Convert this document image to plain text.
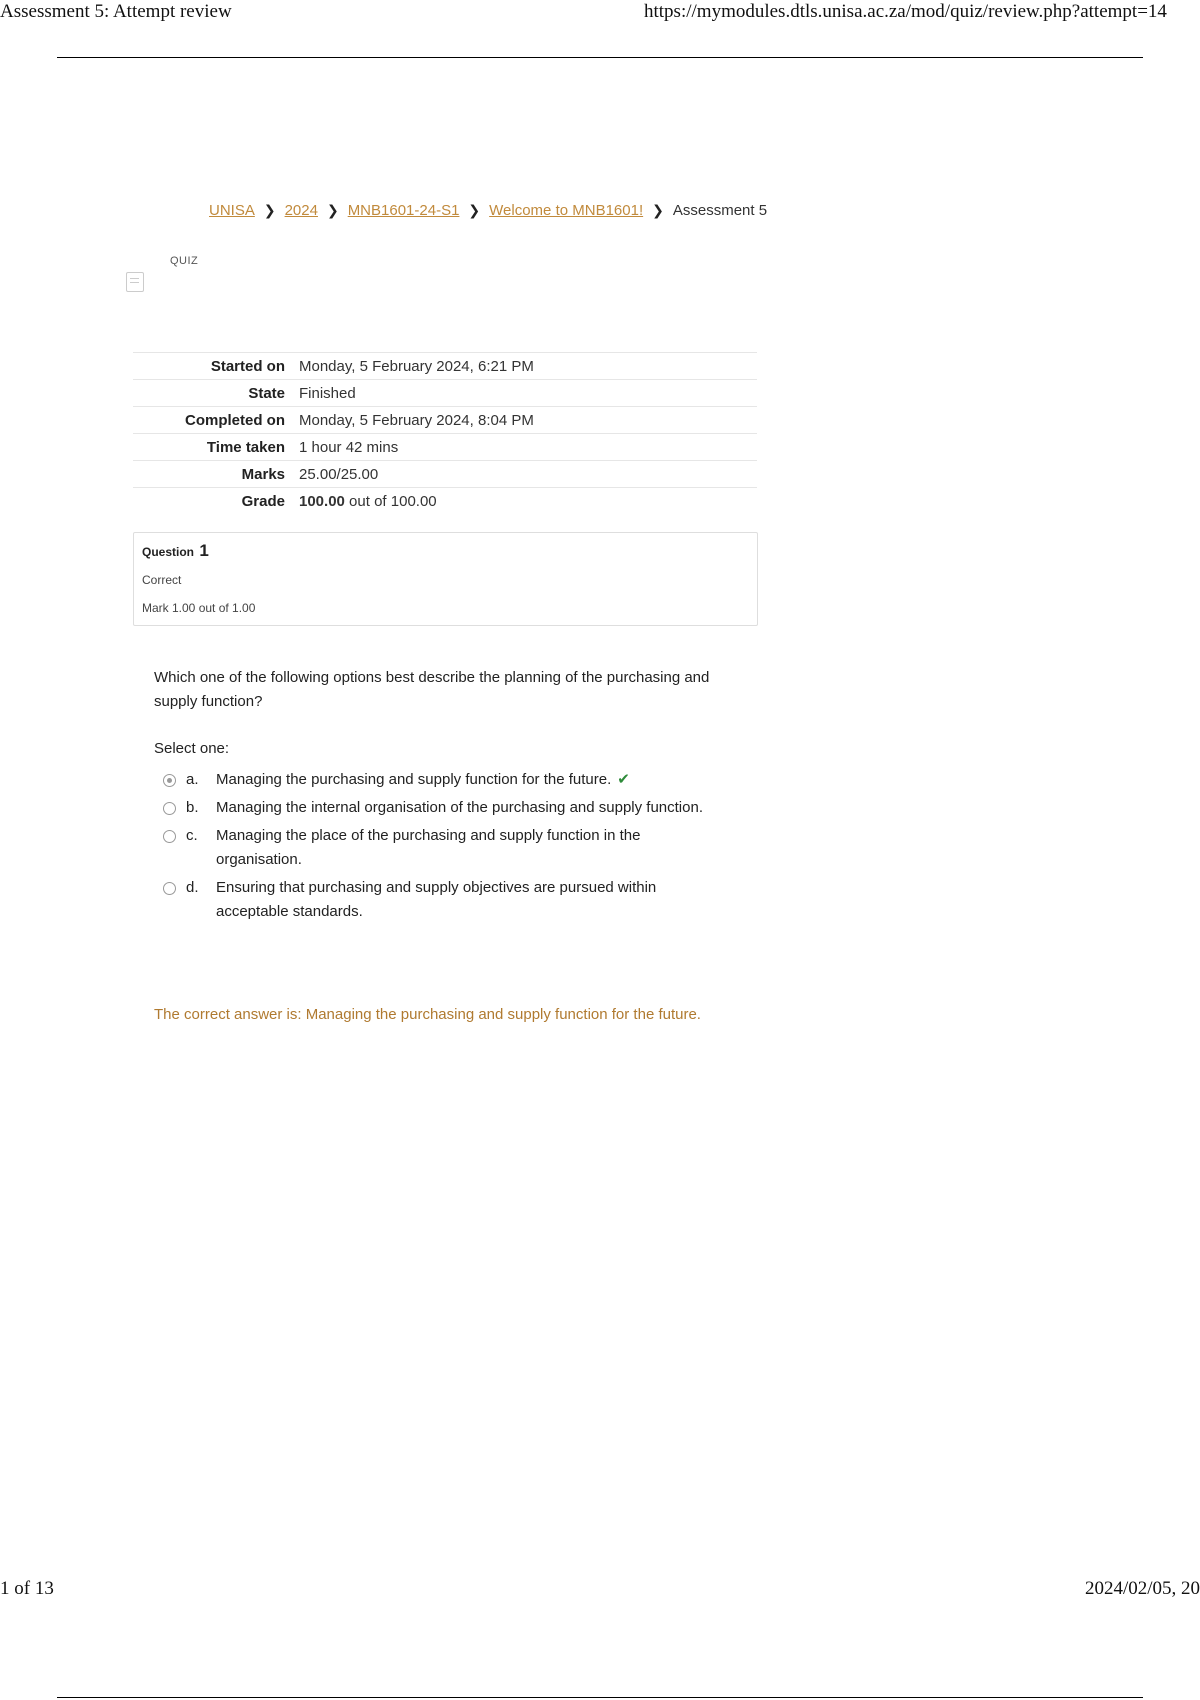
Assessment 5: Attempt review	https://mymodules.dtls.unisa.ac.za/mod/quiz/review.php?attempt=14
UNISA ❯ 2024 ❯ MNB1601-24-S1 ❯ Welcome to MNB1601! ❯ Assessment 5
QUIZ
Started on	Monday, 5 February 2024, 6:21 PM
State	Finished
Completed on	Monday, 5 February 2024, 8:04 PM
Time taken	1 hour 42 mins
Marks	25.00/25.00
Grade	100.00 out of 100.00
Question 1
Correct
Mark 1.00 out of 1.00
Which one of the following options best describe the planning of the purchasing and supply function?
Select one:
a. Managing the purchasing and supply function for the future. ✔
b. Managing the internal organisation of the purchasing and supply function.
c. Managing the place of the purchasing and supply function in the organisation.
d. Ensuring that purchasing and supply objectives are pursued within acceptable standards.
The correct answer is: Managing the purchasing and supply function for the future.
1 of 13	2024/02/05, 20
